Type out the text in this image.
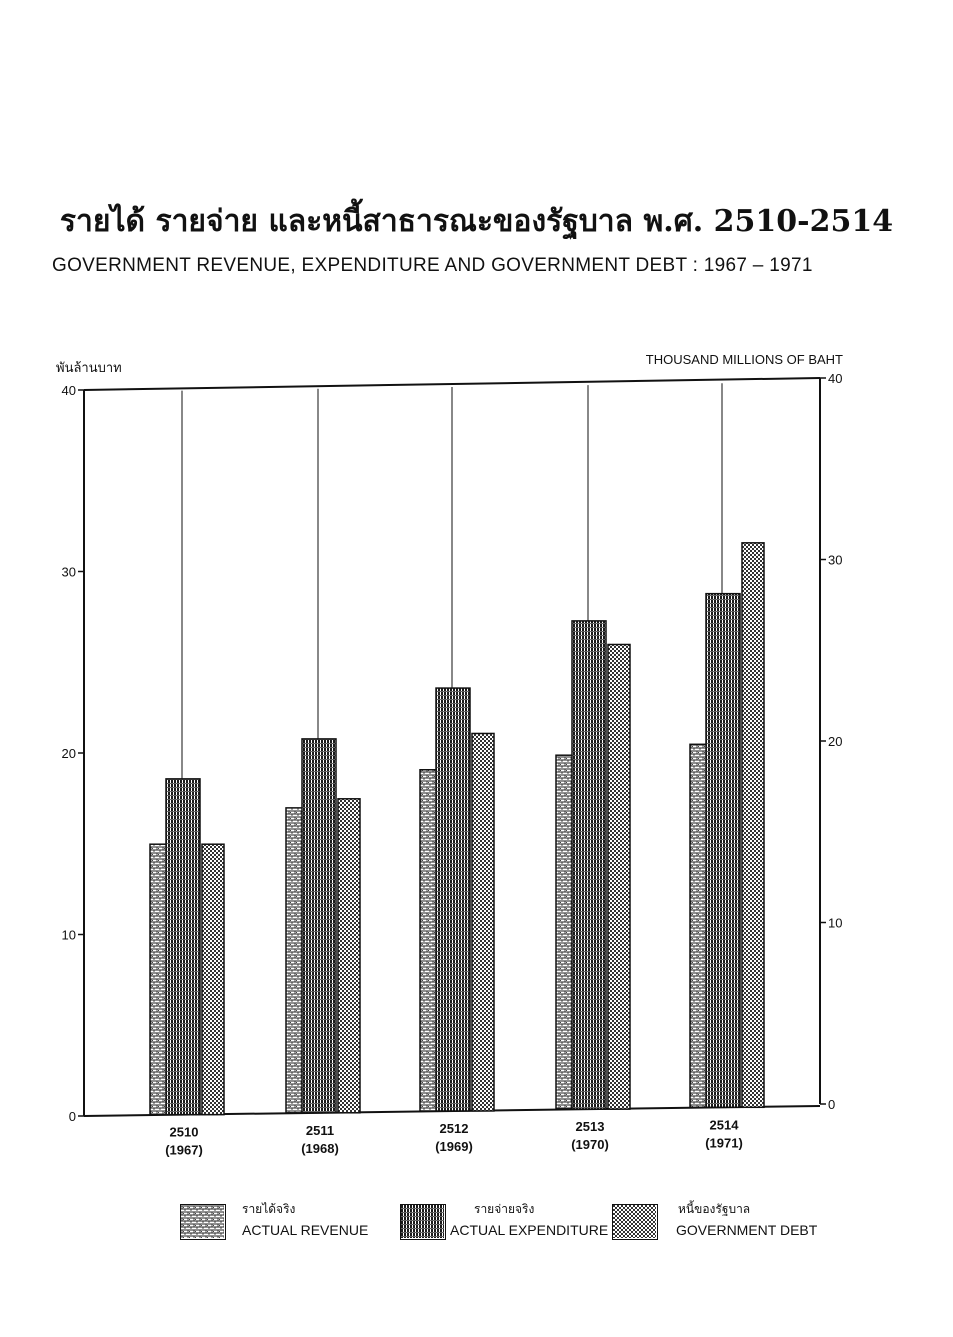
รายได้ รายจ่าย และหนี้สาธารณะของรัฐบาล พ.ศ. 2510-2514
GOVERNMENT REVENUE, EXPENDITURE AND GOVERNMENT DEBT : 1967 – 1971
พันล้านบาท
THOUSAND MILLIONS OF BAHT
0
10
20
30
40
0
10
20
30
40
2510
(1967)
2511
(1968)
2512
(1969)
2513
(1970)
2514
(1971)
รายได้จริง
ACTUAL REVENUE
รายจ่ายจริง
ACTUAL EXPENDITURE
หนี้ของรัฐบาล
GOVERNMENT DEBT
